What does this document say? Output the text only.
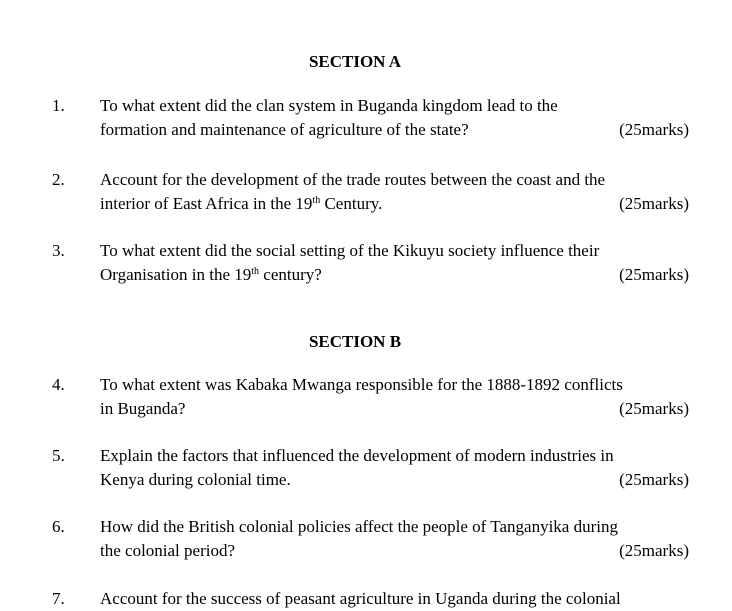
SECTION A
1. To what extent did the clan system in Buganda kingdom lead to the
formation and maintenance of agriculture of the state?	(25marks)
2. Account for the development of the trade routes between the coast and the
interior of East Africa in the 19th Century.	(25marks)
3. To what extent did the social setting of the Kikuyu society influence their
Organisation in the 19th century?	(25marks)
SECTION B
4. To what extent was Kabaka Mwanga responsible for the 1888-1892 conflicts
in Buganda?	(25marks)
5. Explain the factors that influenced the development of modern industries in
Kenya during colonial time.	(25marks)
6. How did the British colonial policies affect the people of Tanganyika during
the colonial period?	(25marks)
7. Account for the success of peasant agriculture in Uganda during the colonial
